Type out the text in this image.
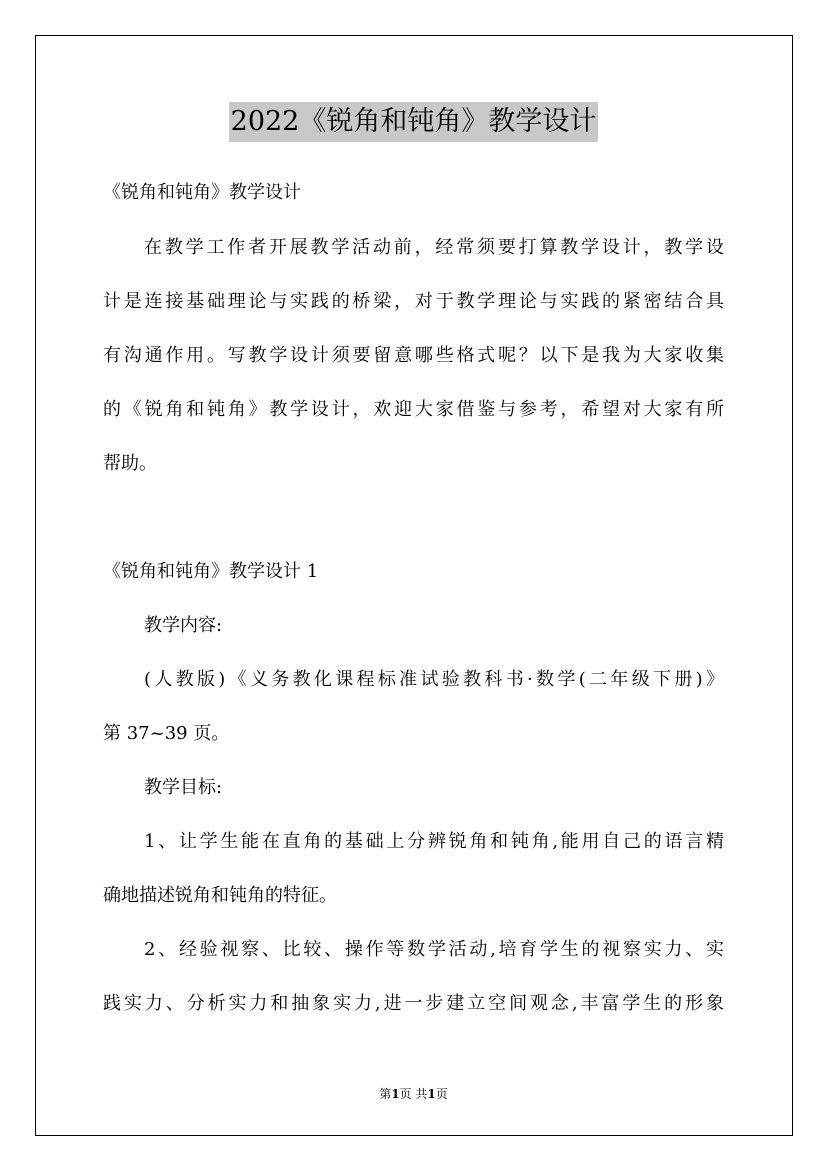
2022《锐角和钝角》教学设计
《锐角和钝角》教学设计
在教学工作者开展教学活动前，经常须要打算教学设计，教学设
计是连接基础理论与实践的桥梁，对于教学理论与实践的紧密结合具
有沟通作用。写教学设计须要留意哪些格式呢？以下是我为大家收集
的《锐角和钝角》教学设计，欢迎大家借鉴与参考，希望对大家有所
帮助。
《锐角和钝角》教学设计 1
教学内容:
(人教版)《义务教化课程标准试验教科书·数学(二年级下册)》
第 37~39 页。
教学目标:
1、让学生能在直角的基础上分辨锐角和钝角,能用自己的语言精
确地描述锐角和钝角的特征。
2、经验视察、比较、操作等数学活动,培育学生的视察实力、实
践实力、分析实力和抽象实力,进一步建立空间观念,丰富学生的形象
第1页 共1页
